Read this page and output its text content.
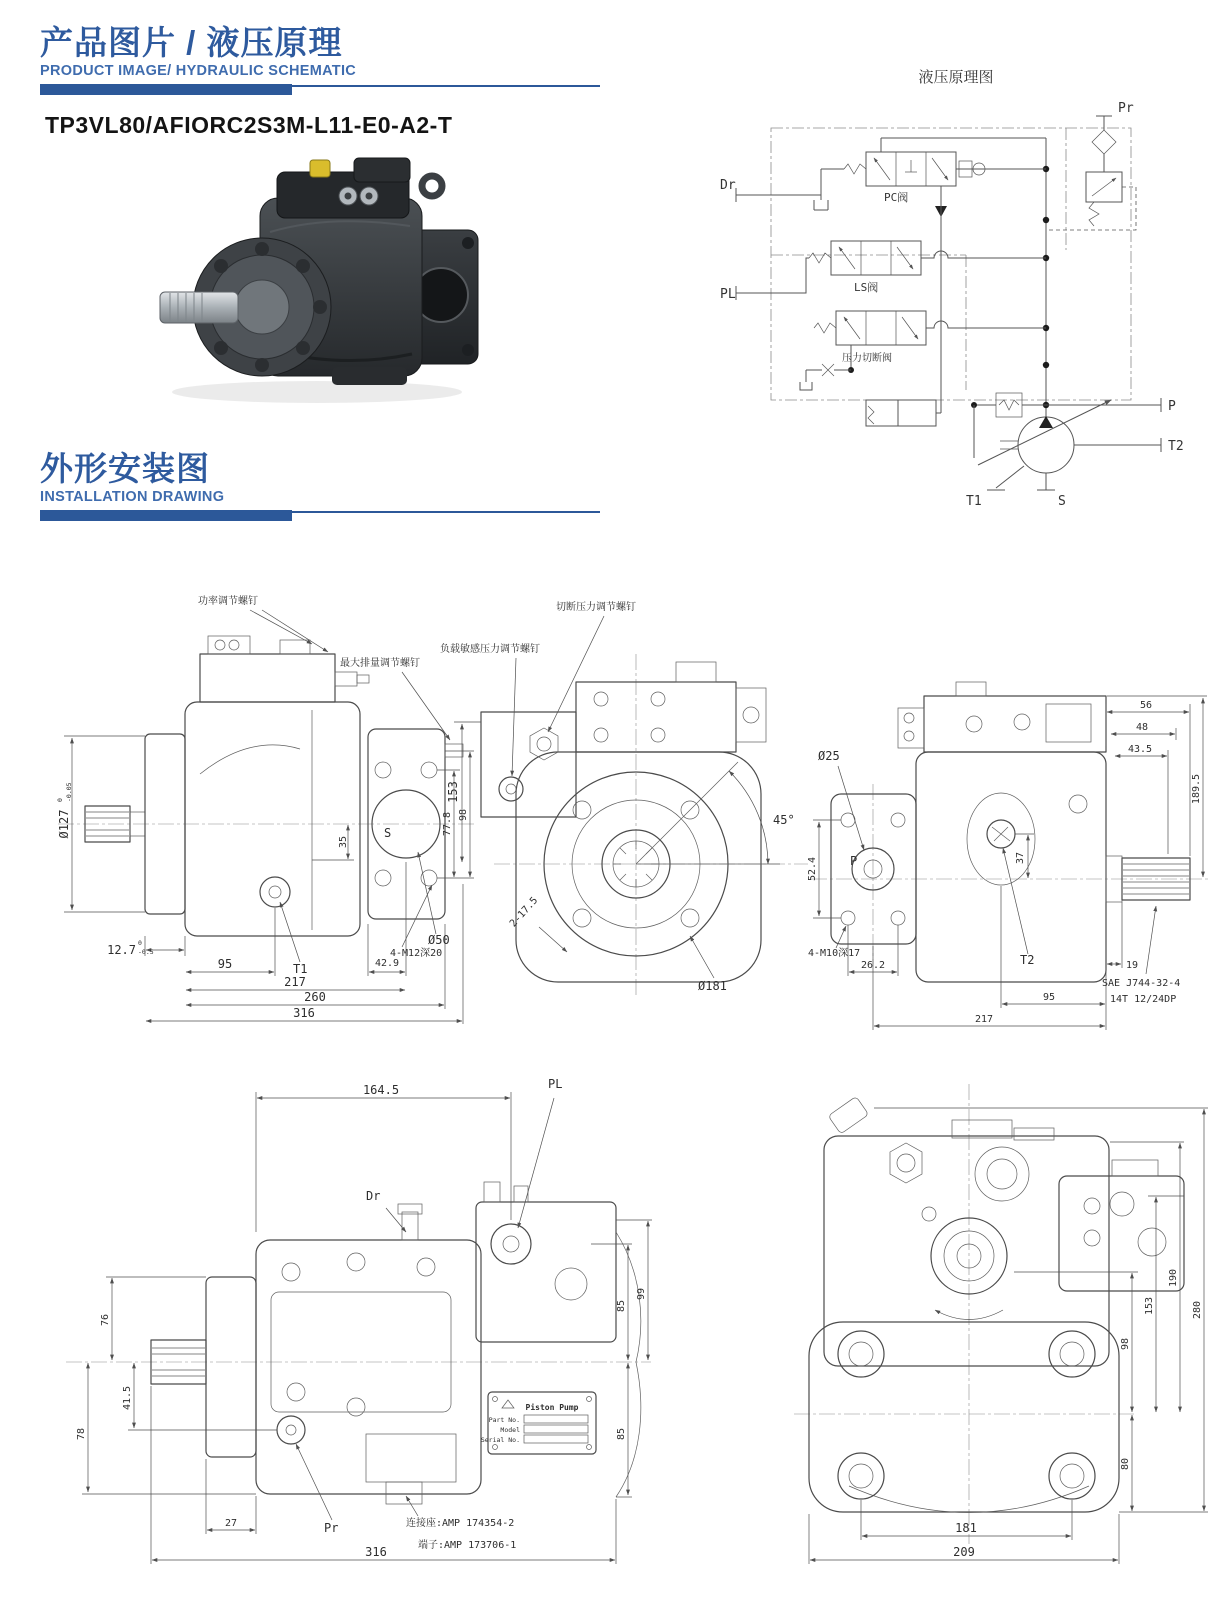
产品图片 / 液压原理
PRODUCT IMAGE/ HYDRAULIC SCHEMATIC
TP3VL80/AFIORC2S3M-L11-E0-A2-T
液压原理图
PC阀
Dr
Pr
LS阀
PL
压力切断阀
P
T2
T1	S
外形安装图
INSTALLATION DRAWING
S
功率调节螺钉
最大排量调节螺钉
Ø127
0 -0.05
12.7 0
-0.5
95	T1	42.9
217
260
316
35
98
77.8
Ø50
4-M12深20
切断压力调节螺钉
负载敏感压力调节螺钉
153
45°
2-17.5
Ø181
P
56
48
43.5
189.5
Ø25
52.4	37
4-M10深17
26.2	T2	19
95
217
SAE J744-32-4
14T 12/24DP
Piston Pump
Part No.
Model
Serial No.
164.5	PL
Dr
76
41.5
78
27	Pr
316
85
99
85
连接座:AMP 174354-2
端子:AMP 173706-1
98
153
190
280
80
181
209
